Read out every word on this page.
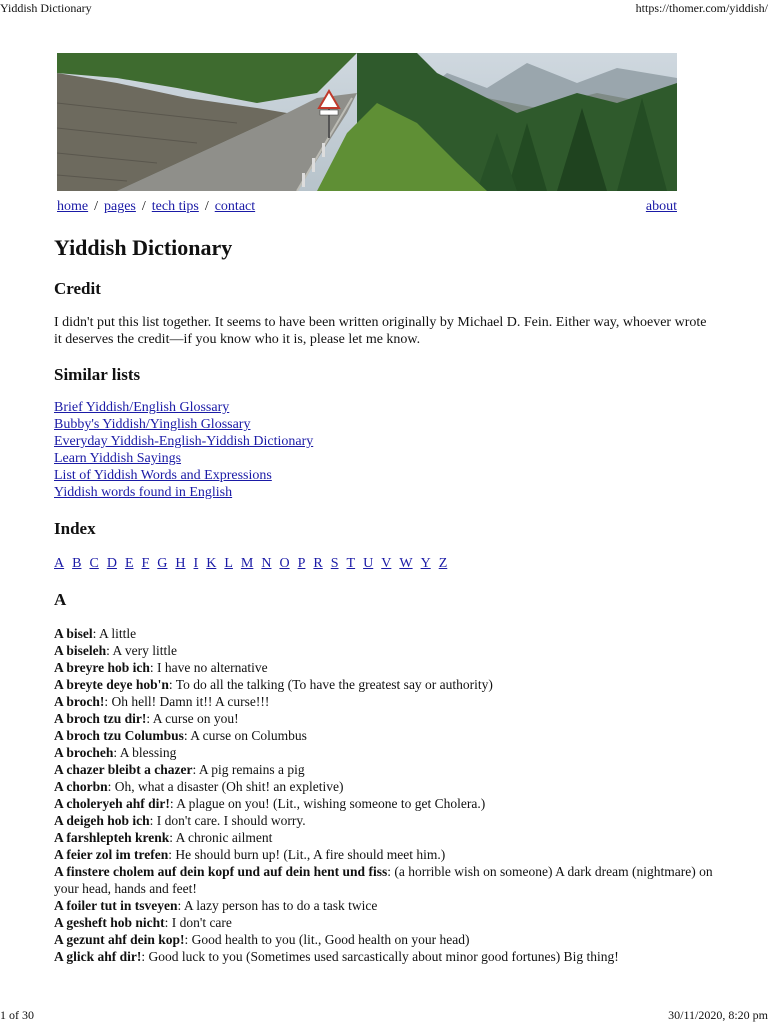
Yiddish Dictionary	https://thomer.com/yiddish/
home / pages / tech tips / contact	about
Yiddish Dictionary
Credit

I didn't put this list together. It seems to have been written originally by Michael D. Fein. Either way, whoever wrote it deserves the credit—if you know who it is, please let me know.

Similar lists
Brief Yiddish/English Glossary
Bubby's Yiddish/Yinglish Glossary
Everyday Yiddish-English-Yiddish Dictionary
Learn Yiddish Sayings
List of Yiddish Words and Expressions
Yiddish words found in English
Index
A B C D E F G H I K L M N O P R S T U V W Y Z
A
A bisel: A little
A biseleh: A very little
A breyre hob ich: I have no alternative
A breyte deye hob'n: To do all the talking (To have the greatest say or authority)
A broch!: Oh hell! Damn it!! A curse!!!
A broch tzu dir!: A curse on you!
A broch tzu Columbus: A curse on Columbus
A brocheh: A blessing
A chazer bleibt a chazer: A pig remains a pig
A chorbn: Oh, what a disaster (Oh shit! an expletive)
A choleryeh ahf dir!: A plague on you! (Lit., wishing someone to get Cholera.)
A deigeh hob ich: I don't care. I should worry.
A farshlepteh krenk: A chronic ailment
A feier zol im trefen: He should burn up! (Lit., A fire should meet him.)
A finstere cholem auf dein kopf und auf dein hent und fiss: (a horrible wish on someone) A dark dream (nightmare) on your head, hands and feet!
A foiler tut in tsveyen: A lazy person has to do a task twice
A gesheft hob nicht: I don't care
A gezunt ahf dein kop!: Good health to you (lit., Good health on your head)
A glick ahf dir!: Good luck to you (Sometimes used sarcastically about minor good fortunes) Big thing!
1 of 30	30/11/2020, 8:20 pm
